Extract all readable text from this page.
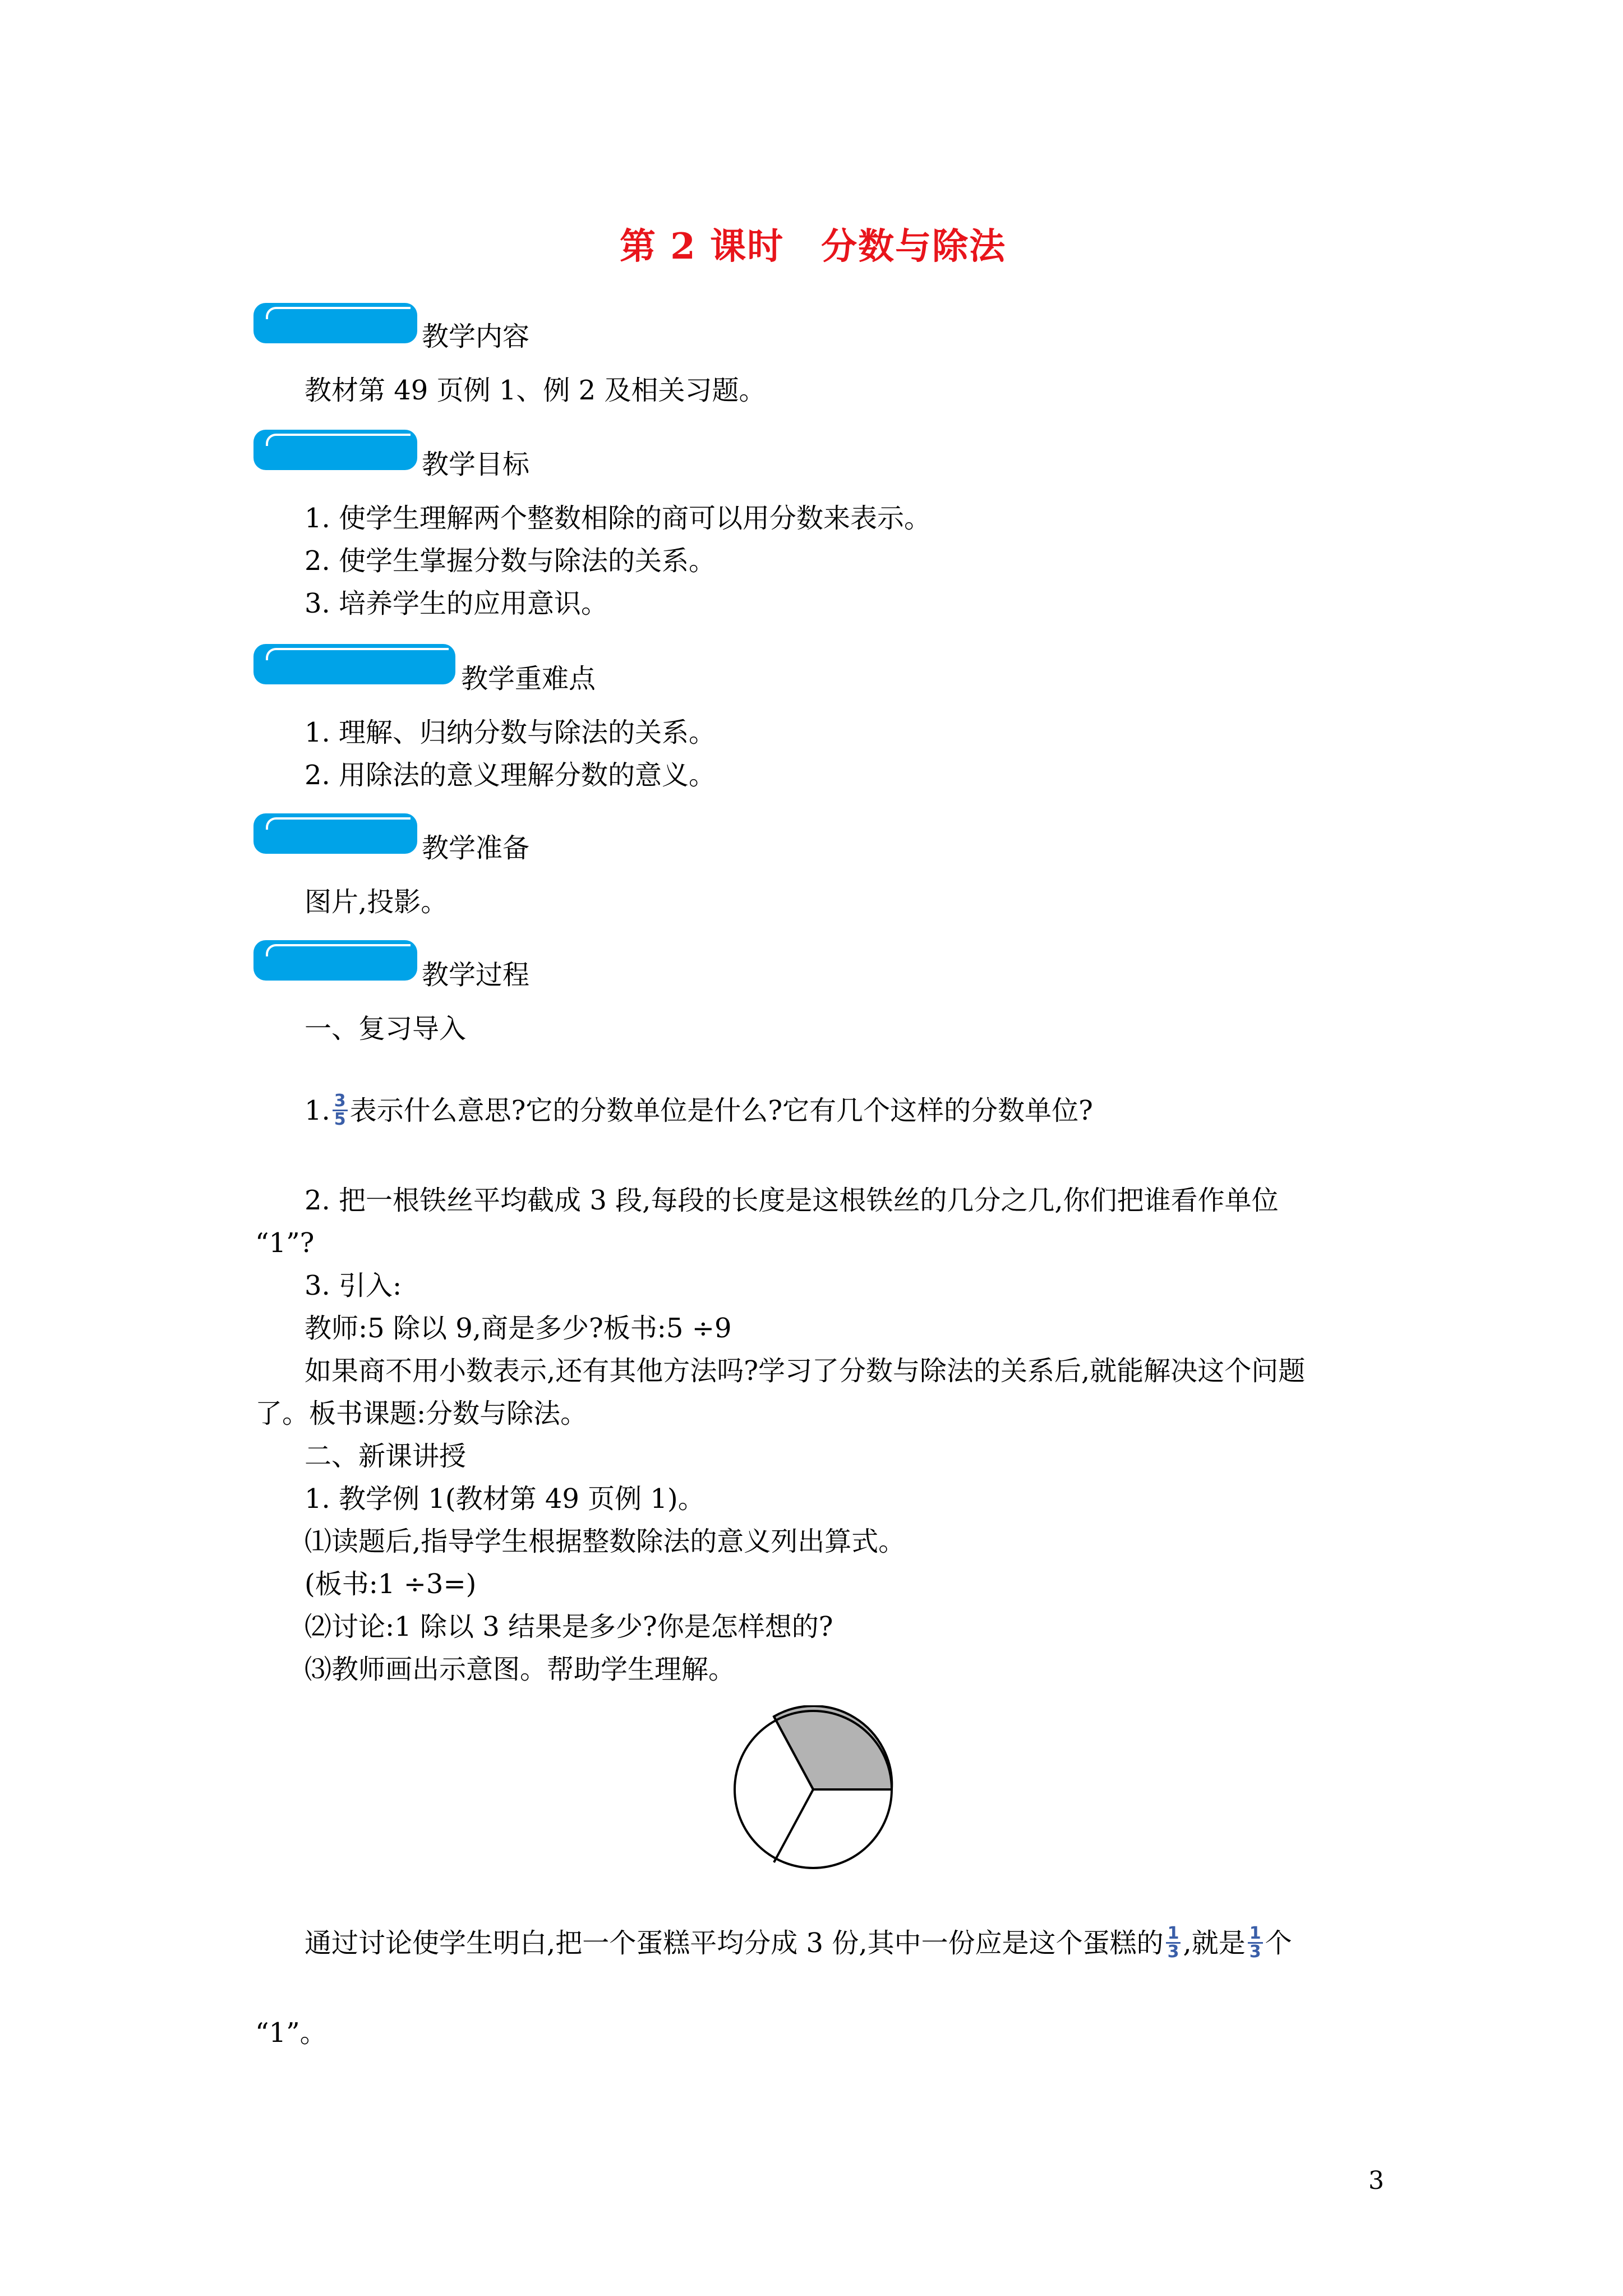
第 2 课时　分数与除法
教学内容
教材第 49 页例 1、例 2 及相关习题。
教学目标
1. 使学生理解两个整数相除的商可以用分数来表示。
2. 使学生掌握分数与除法的关系。
3. 培养学生的应用意识。
教学重难点
1. 理解、归纳分数与除法的关系。
2. 用除法的意义理解分数的意义。
教学准备
图片,投影。
教学过程
一、复习导入
1. $\frac{3}{5}$ 表示什么意思?它的分数单位是什么?它有几个这样的分数单位?
2. 把一根铁丝平均截成 3 段,每段的长度是这根铁丝的几分之几,你们把谁看作单位
“1”?
3. 引入:
教师:5 除以 9,商是多少?板书:5 ÷9
如果商不用小数表示,还有其他方法吗?学习了分数与除法的关系后,就能解决这个问题
了。板书课题:分数与除法。
二、新课讲授
1. 教学例 1(教材第 49 页例 1)。
⑴读题后,指导学生根据整数除法的意义列出算式。
(板书:1 ÷3=)
⑵讨论:1 除以 3 结果是多少?你是怎样想的?
⑶教师画出示意图。帮助学生理解。
通过讨论使学生明白,把一个蛋糕平均分成 3 份,其中一份应是这个蛋糕的 $\frac{1}{3}$ ,就是 $\frac{1}{3}$ 个
“1”。
3
